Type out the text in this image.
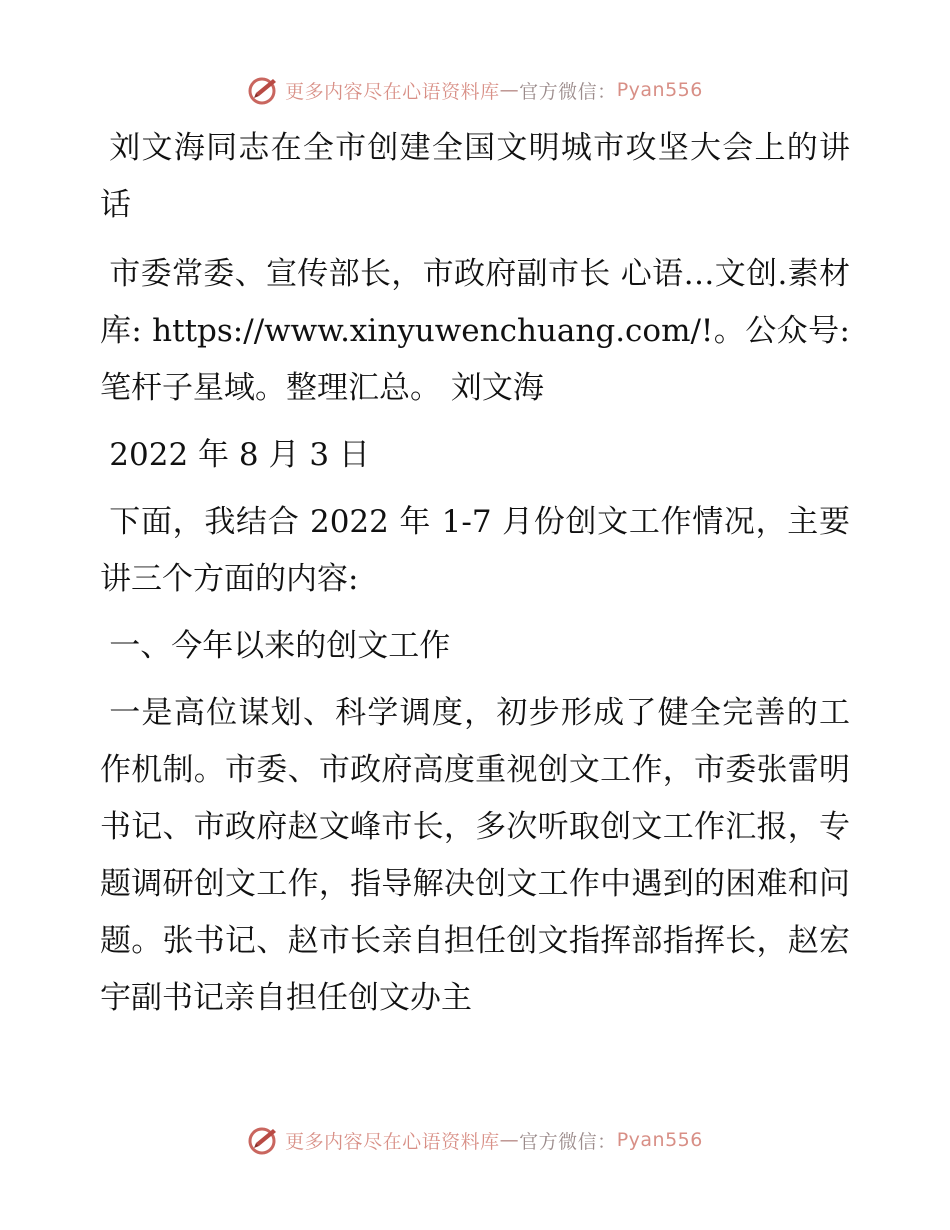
更多内容尽在心语资料库 — 官方微信： Pyan556

刘文海同志在全市创建全国文明城市攻坚大会上的讲话

市委常委、宣传部长，市政府副市长 心语…文创.素材库: https://www.xinyuwenchuang.com/!。公众号: 笔杆子星域。整理汇总。 刘文海

2022 年 8 月 3 日

下面，我结合 2022 年 1-7 月份创文工作情况，主要讲三个方面的内容:

一、今年以来的创文工作

一是高位谋划、科学调度，初步形成了健全完善的工作机制。市委、市政府高度重视创文工作，市委张雷明书记、市政府赵文峰市长，多次听取创文工作汇报，专题调研创文工作，指导解决创文工作中遇到的困难和问题。张书记、赵市长亲自担任创文指挥部指挥长，赵宏宇副书记亲自担任创文办主

更多内容尽在心语资料库 — 官方微信： Pyan556
